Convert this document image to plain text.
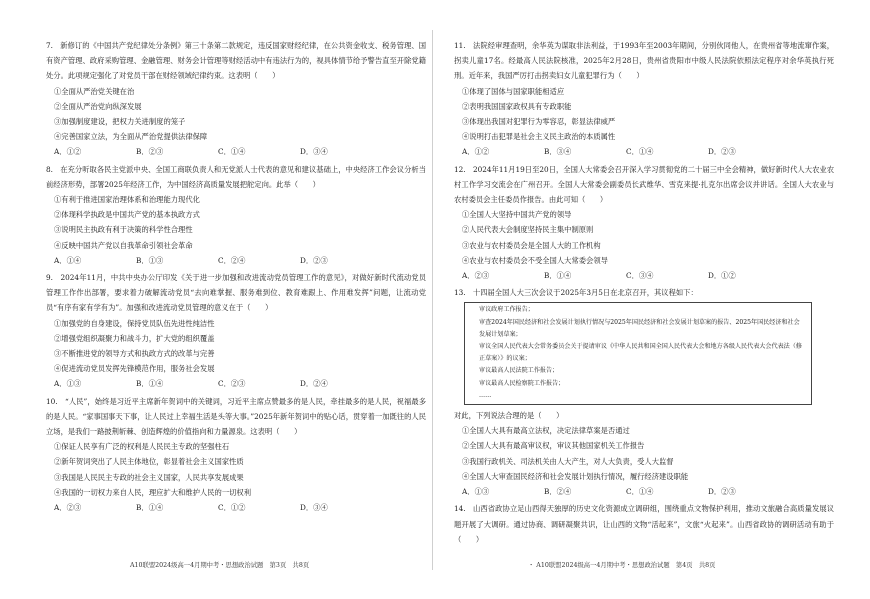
7.　新修订的《中国共产党纪律处分条例》第三十条第二款规定，违反国家财经纪律，在公共资金收支、税务管理、国有资产管理、政府采购管理、金融管理、财务会计管理等财经活动中有违法行为的，视具体情节给予警告直至开除党籍处分。此项规定强化了对党员干部在财经领域纪律约束。这表明（　　）

①全面从严治党关键在治

②全面从严治党向纵深发展

③加强制度建设，把权力关进制度的笼子

④完善国家立法，为全面从严治党提供法律保障

A．①②	B．②③	C．①④	D．③④

8.　在充分听取各民主党派中央、全国工商联负责人和无党派人士代表的意见和建议基础上，中央经济工作会议分析当前经济形势，部署2025年经济工作，为中国经济高质量发展把舵定向。此举（　　）

①有利于推进国家治理体系和治理能力现代化

②体现科学执政是中国共产党的基本执政方式

③说明民主执政有利于决策的科学性合理性

④反映中国共产党以自我革命引领社会革命

A．①④	B．①③	C．②④	D．②③

9.　2024年11月，中共中央办公厅印发《关于进一步加强和改进流动党员管理工作的意见》，对做好新时代流动党员管理工作作出部署，要求着力破解流动党员“去向难掌握、服务难到位、教育难跟上、作用难发挥”问题，让流动党员“有序有家有学有为”。加强和改进流动党员管理的意义在于（　　）

①加强党的自身建设，保持党员队伍先进性纯洁性

②增强党组织凝聚力和战斗力，扩大党的组织覆盖

③不断推进党的领导方式和执政方式的改革与完善

④促进流动党员发挥先锋模范作用，服务社会发展

A．①③	B．①④	C．②③	D．②④

10.　“人民”，始终是习近平主席新年贺词中的关键词，习近平主席点赞最多的是人民，牵挂最多的是人民，祝福最多的是人民。“家事国事天下事，让人民过上幸福生活是头等大事。”2025年新年贺词中的贴心话，贯穿着一加既往的人民立场，是我们一路披荆斩棘、创造辉煌的价值指向和力量源泉。这表明（　　）

①保证人民享有广泛的权利是人民民主专政的坚强柱石

②新年贺词突出了人民主体地位，彰显着社会主义国家性质

③我国是人民民主专政的社会主义国家，人民共享发展成果

④我国的一切权力来自人民，理应扩大和维护人民的一切权利

A．②③	B．①④	C．①②	D．③④

11.　法院经审理查明，余华英为谋取非法利益，于1993年至2003年期间，分别伙同他人，在贵州省等地流窜作案，拐卖儿童17名。经最高人民法院核准，2025年2月28日，贵州省贵阳市中级人民法院依照法定程序对余华英执行死刑。近年来，我国严厉打击拐卖妇女儿童犯罪行为（　　）

①体现了国体与国家职能相适应

②表明我国国家政权具有专政职能

③体现出我国对犯罪行为零容忍，彰显法律威严

④说明打击犯罪是社会主义民主政治的本质属性

A．①②	B．③④	C．①④	D．②③

12.　2024年11月19日至20日，全国人大常委会召开深入学习贯彻党的二十届三中全会精神，做好新时代人大农业农村工作学习交流会在广州召开。全国人大常委会副委员长武维华、雪克来提·扎克尔出席会议并讲话。全国人大农业与农村委员会主任委员作报告。由此可知（　　）

①全国人大坚持中国共产党的领导

②人民代表大会制度坚持民主集中制原则

③农业与农村委员会是全国人大的工作机构

④农业与农村委员会不受全国人大常委会领导

A．②③	B．①④	C．③④	D．①②

13.　十四届全国人大三次会议于2025年3月5日在北京召开，其议程如下：

审议政府工作报告；

审查2024年国民经济和社会发展计划执行情况与2025年国民经济和社会发展计划草案的报告、2025年国民经济和社会发展计划草案；

审议全国人民代表大会常务委员会关于提请审议《中华人民共和国全国人民代表大会和地方各级人民代表大会代表法（修正草案）》的议案；

审议最高人民法院工作报告；

审议最高人民检察院工作报告；

……

对此，下列说法合理的是（　　）

①全国人大具有最高立法权，决定法律草案是否通过

②全国人大具有最高审议权，审议其他国家机关工作报告

③我国行政机关、司法机关由人大产生，对人大负责，受人大监督

④全国人大审查国民经济和社会发展计划执行情况，履行经济建设职能

A．①③	B．②④	C．①④	D．②③

14.　山西省政协立足山西得天独厚的历史文化资源成立调研组，围绕重点文物保护利用，推动文旅融合高质量发展议题开展了大调研。通过协商、调研凝聚共识，让山西的文物“活起来”，文旅“火起来”。山西省政协的调研活动有助于（　　）

A10联盟2024级高一4月期中考・思想政治试题　第3页　共8页	・ A10联盟2024级高一4月期中考・思想政治试题　第4页　共8页
